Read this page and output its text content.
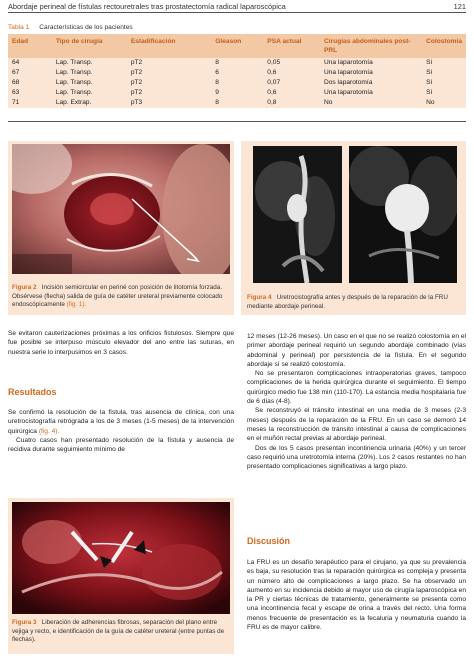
Abordaje perineal de fístulas rectouretrales tras prostatectomía radical laparoscópica	121
Tabla 1 Características de los pacientes
Edad	Tipo de cirugía	Estadificación	Gleason	PSA actual	Cirugías abdominales post-PRL	Colostomía
64	Lap. Transp.	pT2	8	0,05	Una laparotomía	Sí
67	Lap. Transp.	pT2	6	0,6	Una laparotomía	Sí
68	Lap. Transp.	pT2	8	0,07	Dos laparotomía	Sí
63	Lap. Transp.	pT2	9	0,6	Una laparotomía	Sí
71	Lap. Extrap.	pT3	8	0,8	No	No
Figura 2 Incisión semicircular en periné con posición de litotomía forzada. Obsérvese (flecha) salida de guía de catéter ureteral previamente colocado endoscópicamente (fig. 1).
Figura 4 Uretrocistografía antes y después de la reparación de la FRU mediante abordaje perineal.

Se evitaron cauterizaciones próximas a los orificios fistulosos. Siempre que fue posible se interpuso músculo elevador del ano entre las suturas, en nuestra serie lo interpusimos en 3 casos.

Resultados

Se confirmó la resolución de la fístula, tras ausencia de clínica, con una uretrocistografía retrógrada a los de 3 meses (1-5 meses) de la intervención quirúrgica (fig. 4).

Cuatro casos han presentado resolución de la fístula y ausencia de recidiva durante seguimiento mínimo de

Figura 3 Liberación de adherencias fibrosas, separación del plano entre vejiga y recto, e identificación de la guía de catéter ureteral (entre puntas de flechas).

12 meses (12-26 meses). Un caso en el que no se realizó colostomía en el primer abordaje perineal requirió un segundo abordaje combinado (vías abdominal y perineal) por persistencia de la fístula. En el segundo abordaje sí se realizó colostomía.

No se presentaron complicaciones intraoperatorias graves, tampoco complicaciones de la herida quirúrgica durante el seguimiento. El tiempo quirúrgico medio fue 138 min (110-170). La estancia media hospitalaria fue de 6 días (4-8).

Se reconstruyó el tránsito intestinal en una media de 3 meses (2-3 meses) después de la reparación de la FRU. En un caso se demoró 14 meses la reconstrucción de tránsito intestinal a causa de complicaciones en el muñón rectal previas al abordaje perineal.

Dos de los 5 casos presentan incontinencia urinaria (40%) y un tercer caso requirió una uretrotomía interna (20%). Los 2 casos restantes no han presentado complicaciones significativas a largo plazo.

Discusión

La FRU es un desafío terapéutico para el cirujano, ya que su prevalencia es baja, su resolución tras la reparación quirúrgica es compleja y presenta un número alto de complicaciones a largo plazo. Se ha observado un aumento en su incidencia debido al mayor uso de cirugía laparoscópica en la PR y ciertas técnicas de tratamiento, generalmente se presenta como una incontinencia fecal y escape de orina a través del recto. Una forma menos frecuente de presentación es la fecaluria y neumaturia cuando la FRU es de mayor calibre.
